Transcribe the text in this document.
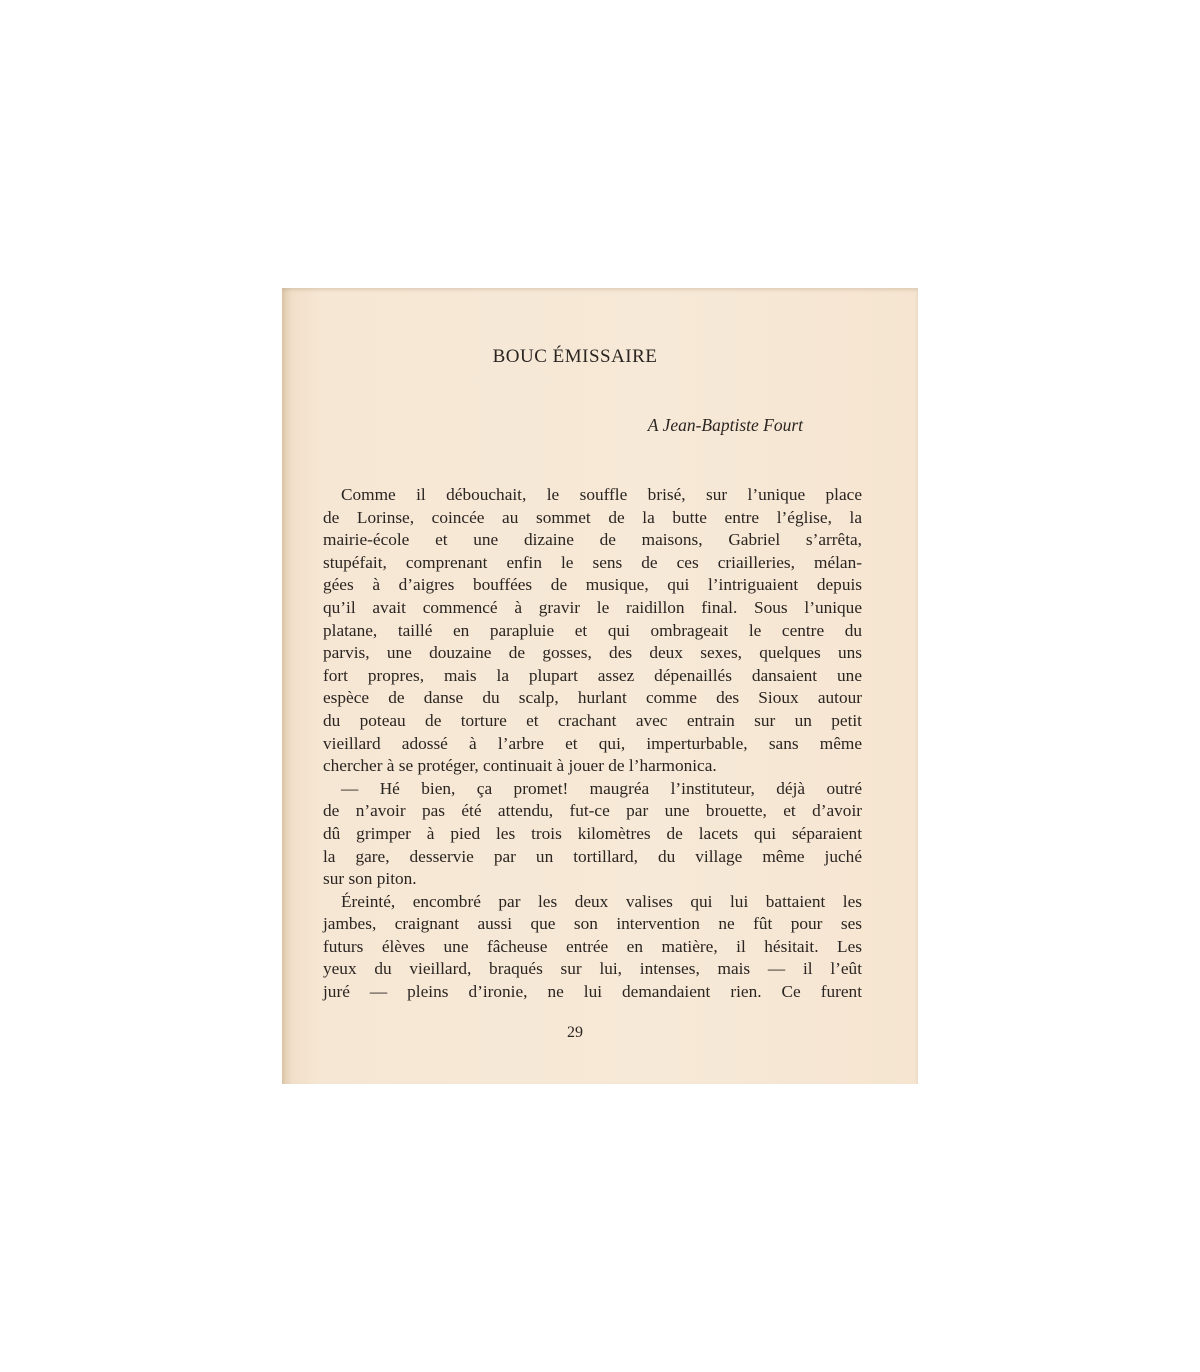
BOUC ÉMISSAIRE
A Jean-Baptiste Fourt
Comme il débouchait, le souffle brisé, sur l’unique place
de Lorinse, coincée au sommet de la butte entre l’église, la
mairie-école et une dizaine de maisons, Gabriel s’arrêta,
stupéfait, comprenant enfin le sens de ces criailleries, mélan-
gées à d’aigres bouffées de musique, qui l’intriguaient depuis
qu’il avait commencé à gravir le raidillon final. Sous l’unique
platane, taillé en parapluie et qui ombrageait le centre du
parvis, une douzaine de gosses, des deux sexes, quelques uns
fort propres, mais la plupart assez dépenaillés dansaient une
espèce de danse du scalp, hurlant comme des Sioux autour
du poteau de torture et crachant avec entrain sur un petit
vieillard adossé à l’arbre et qui, imperturbable, sans même
chercher à se protéger, continuait à jouer de l’harmonica.
— Hé bien, ça promet! maugréa l’instituteur, déjà outré
de n’avoir pas été attendu, fut-ce par une brouette, et d’avoir
dû grimper à pied les trois kilomètres de lacets qui séparaient
la gare, desservie par un tortillard, du village même juché
sur son piton.
Éreinté, encombré par les deux valises qui lui battaient les
jambes, craignant aussi que son intervention ne fût pour ses
futurs élèves une fâcheuse entrée en matière, il hésitait. Les
yeux du vieillard, braqués sur lui, intenses, mais — il l’eût
juré — pleins d’ironie, ne lui demandaient rien. Ce furent
29
